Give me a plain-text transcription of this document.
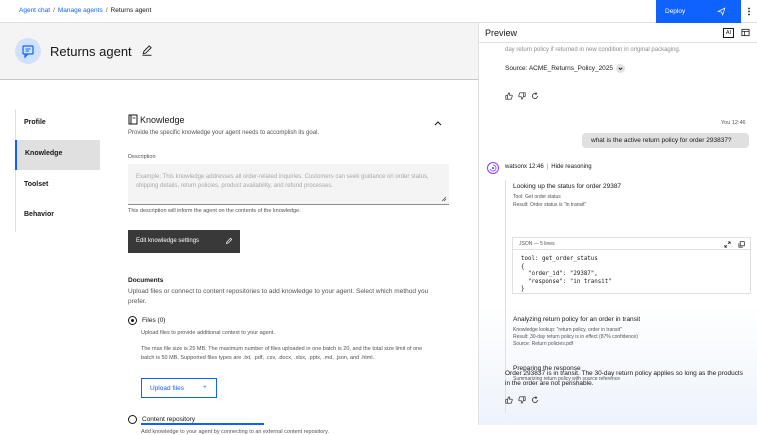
Agent chat / Manage agents / Returns agent	Deploy
Returns agent
Profile
Knowledge
Toolset
Behavior
Knowledge
Provide the specific knowledge your agent needs to accomplish its goal.
Description
Example: This knowledge addresses all order-related inquiries. Customers can seek guidance on order status, shipping details, return policies, product availability, and refund processes.
This description will inform the agent on the contents of the knowledge.
Edit knowledge settings
Documents
Upload files or connect to content repositories to add knowledge to your agent. Select which method you prefer.
Files (0)
Upload files to provide additional context to your agent.
The max file size is 25 MB. The maximum number of files uploaded in one batch is 20, and the total size limit of one batch is 50 MB. Supported files types are .txt, .pdf, .csv, .docx, .xlsx, .pptx, .md, .json, and .html.
Upload files	+
Content repository
Add knowledge to your agent by connecting to an external content repository.
Preview	AI
day return policy if returned in new condition in original packaging.
Source: ACME_Returns_Policy_2025
You 12:46
what is the active return policy for order 293837?
watsonx 12:46 | Hide reasoning
Looking up the status for order 29387
Tool: Get order status
Result: Order status is "in transit"
JSON — 5 lines
tool: get_order_status
{
"order_id": "29387",
"response": "in transit"
}
Analyzing return policy for an order in transit
Knowledge lookup: "return policy, order in transit"
Result: 30-day return policy is in effect (87% confidence)
Source: Return policies.pdf
Preparing the response
Summarizing return policy with source reference
Order 293837 is in transit. The 30-day return policy applies so long as the products in the order are not perishable.
